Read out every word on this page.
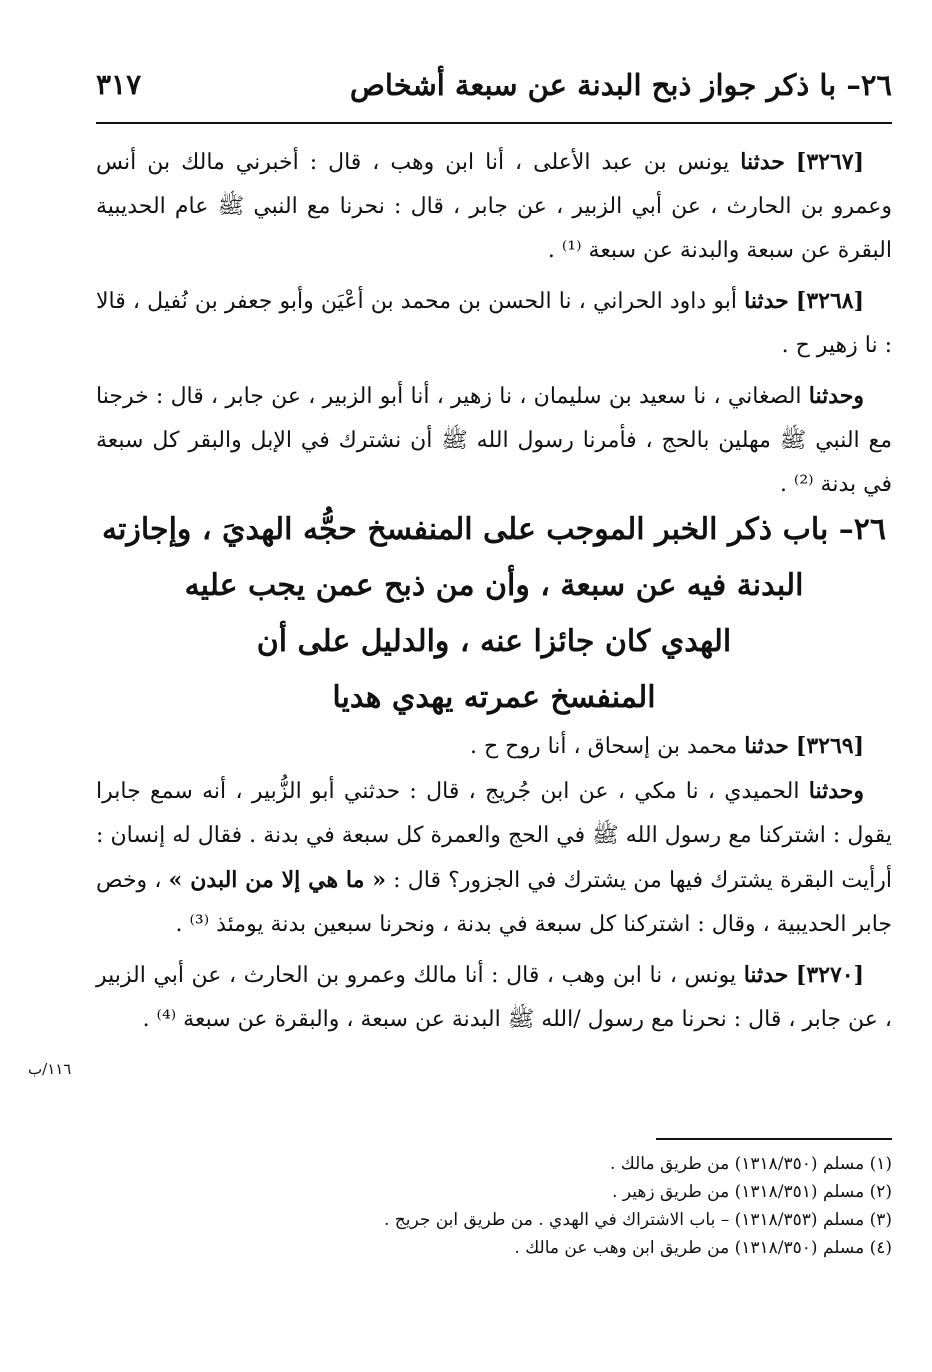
٢٦– با ذكر جواز ذبح البدنة عن سبعة أشخاص
٣١٧

[٣٢٦٧] حدثنا يونس بن عبد الأعلى ، أنا ابن وهب ، قال : أخبرني مالك بن أنس وعمرو بن الحارث ، عن أبي الزبير ، عن جابر ، قال : نحرنا مع النبي ﷺ عام الحديبية البقرة عن سبعة والبدنة عن سبعة ⁽¹⁾ .

[٣٢٦٨] حدثنا أبو داود الحراني ، نا الحسن بن محمد بن أعْيَن وأبو جعفر بن نُفيل ، قالا : نا زهير ح .

وحدثنا الصغاني ، نا سعيد بن سليمان ، نا زهير ، أنا أبو الزبير ، عن جابر ، قال : خرجنا مع النبي ﷺ مهلين بالحج ، فأمرنا رسول الله ﷺ أن نشترك في الإبل والبقر كل سبعة في بدنة ⁽²⁾ .

٢٦– باب ذكر الخبر الموجب على المنفسخ حجُّه الهديَ ، وإجازته
البدنة فيه عن سبعة ، وأن من ذبح عمن يجب عليه
الهدي كان جائزا عنه ، والدليل على أن
المنفسخ عمرته يهدي هديا

[٣٢٦٩] حدثنا محمد بن إسحاق ، أنا روح ح .

وحدثنا الحميدي ، نا مكي ، عن ابن جُريج ، قال : حدثني أبو الزُّبير ، أنه سمع جابرا يقول : اشتركنا مع رسول الله ﷺ في الحج والعمرة كل سبعة في بدنة . فقال له إنسان : أرأيت البقرة يشترك فيها من يشترك في الجزور؟ قال : « ما هي إلا من البدن » ، وخص جابر الحديبية ، وقال : اشتركنا كل سبعة في بدنة ، ونحرنا سبعين بدنة يومئذ ⁽³⁾ .

[٣٢٧٠] حدثنا يونس ، نا ابن وهب ، قال : أنا مالك وعمرو بن الحارث ، عن أبي الزبير ، عن جابر ، قال : نحرنا مع رسول /الله ﷺ البدنة عن سبعة ، والبقرة عن سبعة ⁽⁴⁾ .

١١٦/ب
(١) مسلم (١٣١٨/٣٥٠) من طريق مالك .
(٢) مسلم (١٣١٨/٣٥١) من طريق زهير .
(٣) مسلم (١٣١٨/٣٥٣) – باب الاشتراك في الهدي . من طريق ابن جريج .
(٤) مسلم (١٣١٨/٣٥٠) من طريق ابن وهب عن مالك .
